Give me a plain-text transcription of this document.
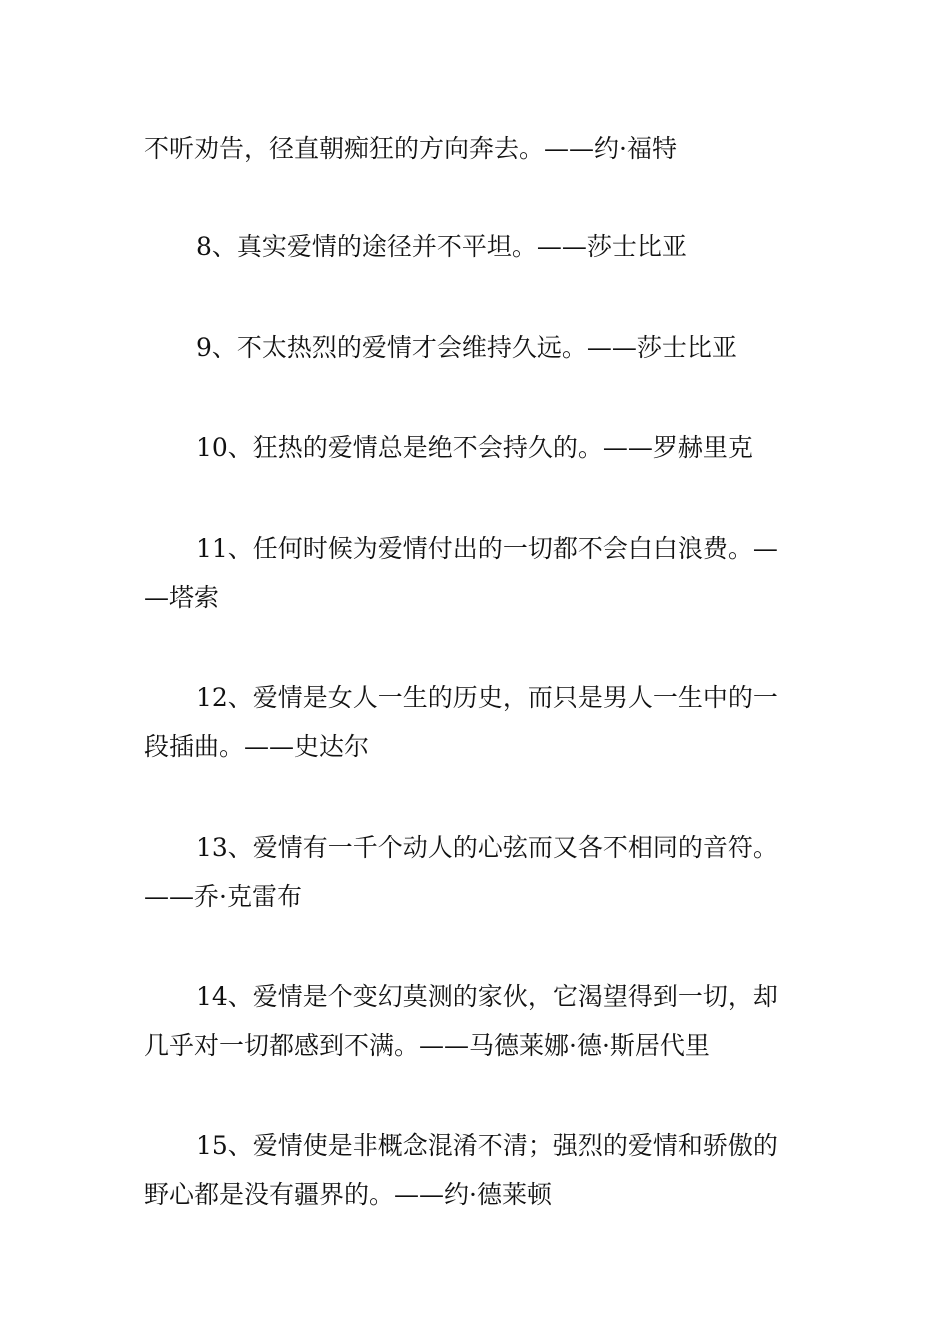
不听劝告，径直朝痴狂的方向奔去。——约·福特

8、真实爱情的途径并不平坦。——莎士比亚

9、不太热烈的爱情才会维持久远。——莎士比亚

10、狂热的爱情总是绝不会持久的。——罗赫里克

11、任何时候为爱情付出的一切都不会白白浪费。—
—塔索

12、爱情是女人一生的历史，而只是男人一生中的一
段插曲。——史达尔

13、爱情有一千个动人的心弦而又各不相同的音符。
——乔·克雷布

14、爱情是个变幻莫测的家伙，它渴望得到一切，却
几乎对一切都感到不满。——马德莱娜·德·斯居代里

15、爱情使是非概念混淆不清；强烈的爱情和骄傲的
野心都是没有疆界的。——约·德莱顿
